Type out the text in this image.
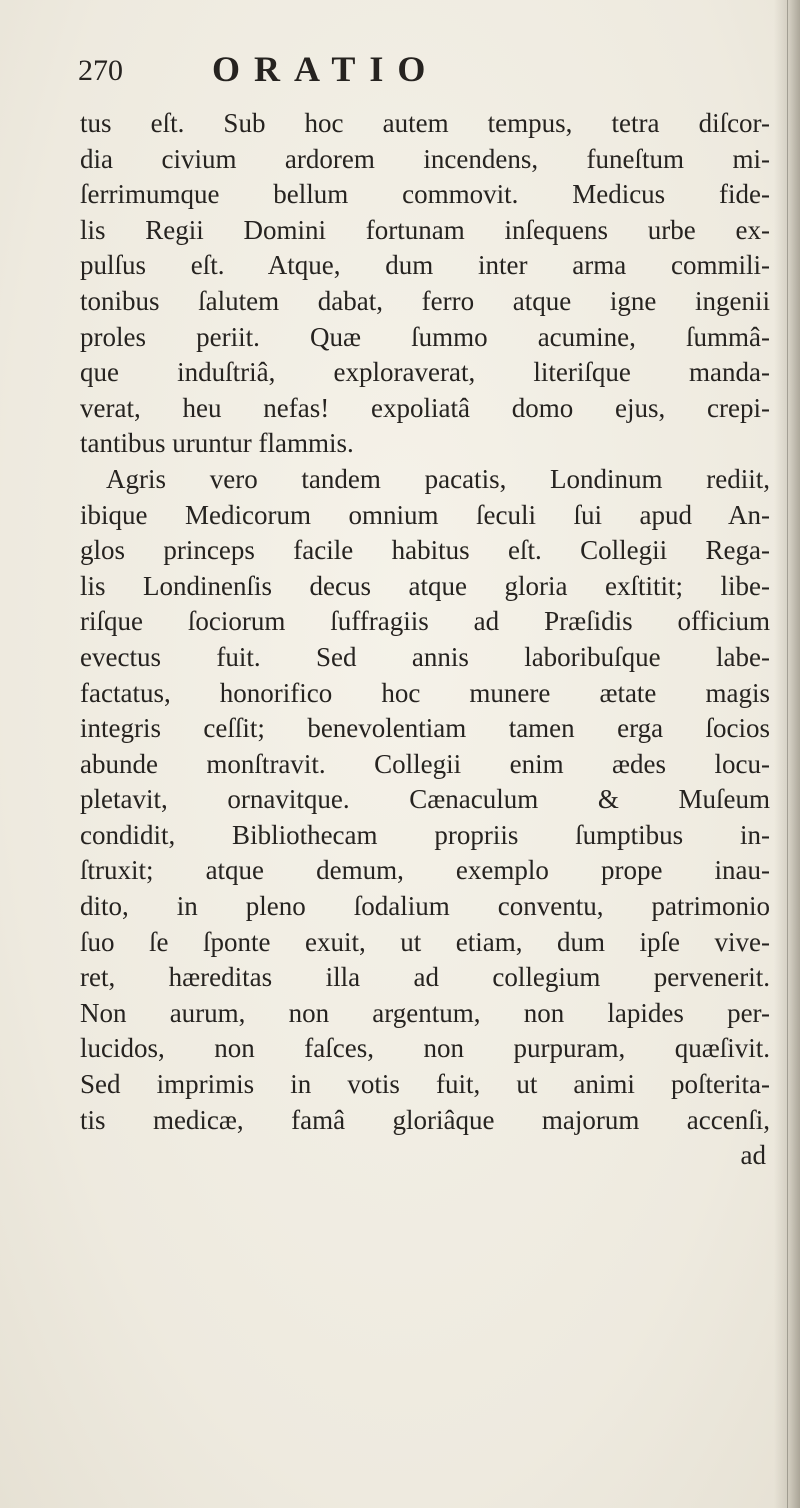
270 ORATIO
tus eſt. Sub hoc autem tempus, tetra diſcor-
dia civium ardorem incendens, funeſtum mi-
ſerrimumque bellum commovit. Medicus fide-
lis Regii Domini fortunam inſequens urbe ex-
pulſus eſt. Atque, dum inter arma commili-
tonibus ſalutem dabat, ferro atque igne ingenii
proles periit. Quæ ſummo acumine, ſummâ-
que induſtriâ, exploraverat, literiſque manda-
verat, heu nefas! expoliatâ domo ejus, crepi-
tantibus uruntur flammis.
Agris vero tandem pacatis, Londinum rediit,
ibique Medicorum omnium ſeculi ſui apud An-
glos princeps facile habitus eſt. Collegii Rega-
lis Londinenſis decus atque gloria exſtitit; libe-
riſque ſociorum ſuffragiis ad Præſidis officium
evectus fuit. Sed annis laboribuſque labe-
factatus, honorifico hoc munere ætate magis
integris ceſſit; benevolentiam tamen erga ſocios
abunde monſtravit. Collegii enim ædes locu-
pletavit, ornavitque. Cænaculum & Muſeum
condidit, Bibliothecam propriis ſumptibus in-
ſtruxit; atque demum, exemplo prope inau-
dito, in pleno ſodalium conventu, patrimonio
ſuo ſe ſponte exuit, ut etiam, dum ipſe vive-
ret, hæreditas illa ad collegium pervenerit.
Non aurum, non argentum, non lapides per-
lucidos, non faſces, non purpuram, quæſivit.
Sed imprimis in votis fuit, ut animi poſterita-
tis medicæ, famâ gloriâque majorum accenſi,
ad
